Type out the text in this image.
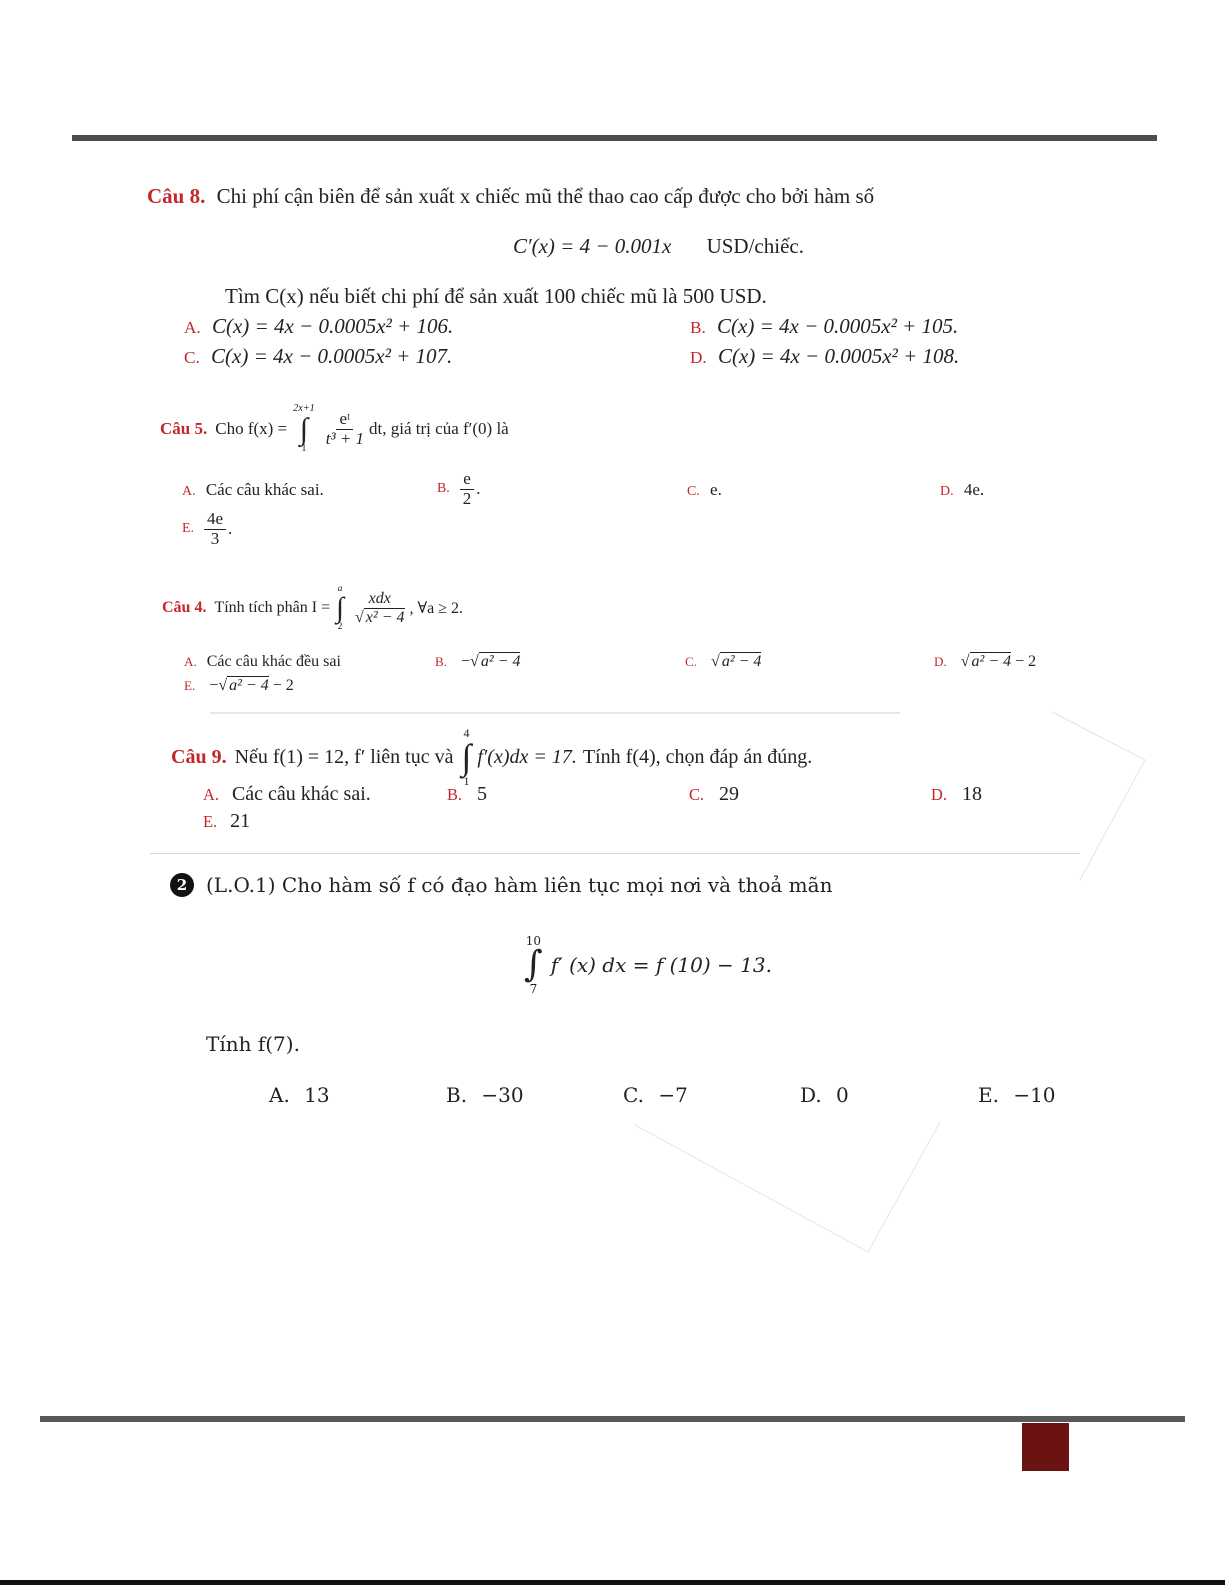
Câu 8. Chi phí cận biên để sản xuất x chiếc mũ thể thao cao cấp được cho bởi hàm số
C′(x) = 4 − 0.001x USD/chiếc.
Tìm C(x) nếu biết chi phí để sản xuất 100 chiếc mũ là 500 USD.
A. C(x) = 4x − 0.0005x² + 106.	B. C(x) = 4x − 0.0005x² + 105.
C. C(x) = 4x − 0.0005x² + 107.	D. C(x) = 4x − 0.0005x² + 108.
Câu 5. Cho f(x) =
2x+1
∫
1
$\frac{\text{eᵗ}}{\text{t³ + 1}}$ dt, giá trị của f′(0) là
A. Các câu khác sai.	B. $\frac{e}{2}$ .	C. e.	D. 4e.
E. $\frac{4e}{3}$ .
Câu 4. Tính tích phân I =
a
∫
2
$\frac{\text{xdx}}{\text{√ x² − 4}}$ , ∀a ≥ 2.
A. Các câu khác đều sai	B. −√ a² − 4	C. √ a² − 4	D. √ a² − 4 − 2
E. −√ a² − 4 − 2
Câu 9. Nếu f(1) = 12, f′ liên tục và
4
∫
1
f′(x)dx = 17. Tính f(4), chọn đáp án đúng.
A. Các câu khác sai.	B. 5	C. 29	D. 18
E. 21
2 (L.O.1) Cho hàm số f có đạo hàm liên tục mọi nơi và thoả mãn
10
∫
7
f′ (x) dx = f (10) − 13.
Tính f(7).
A. 13	B. −30	C. −7	D. 0	E. −10
